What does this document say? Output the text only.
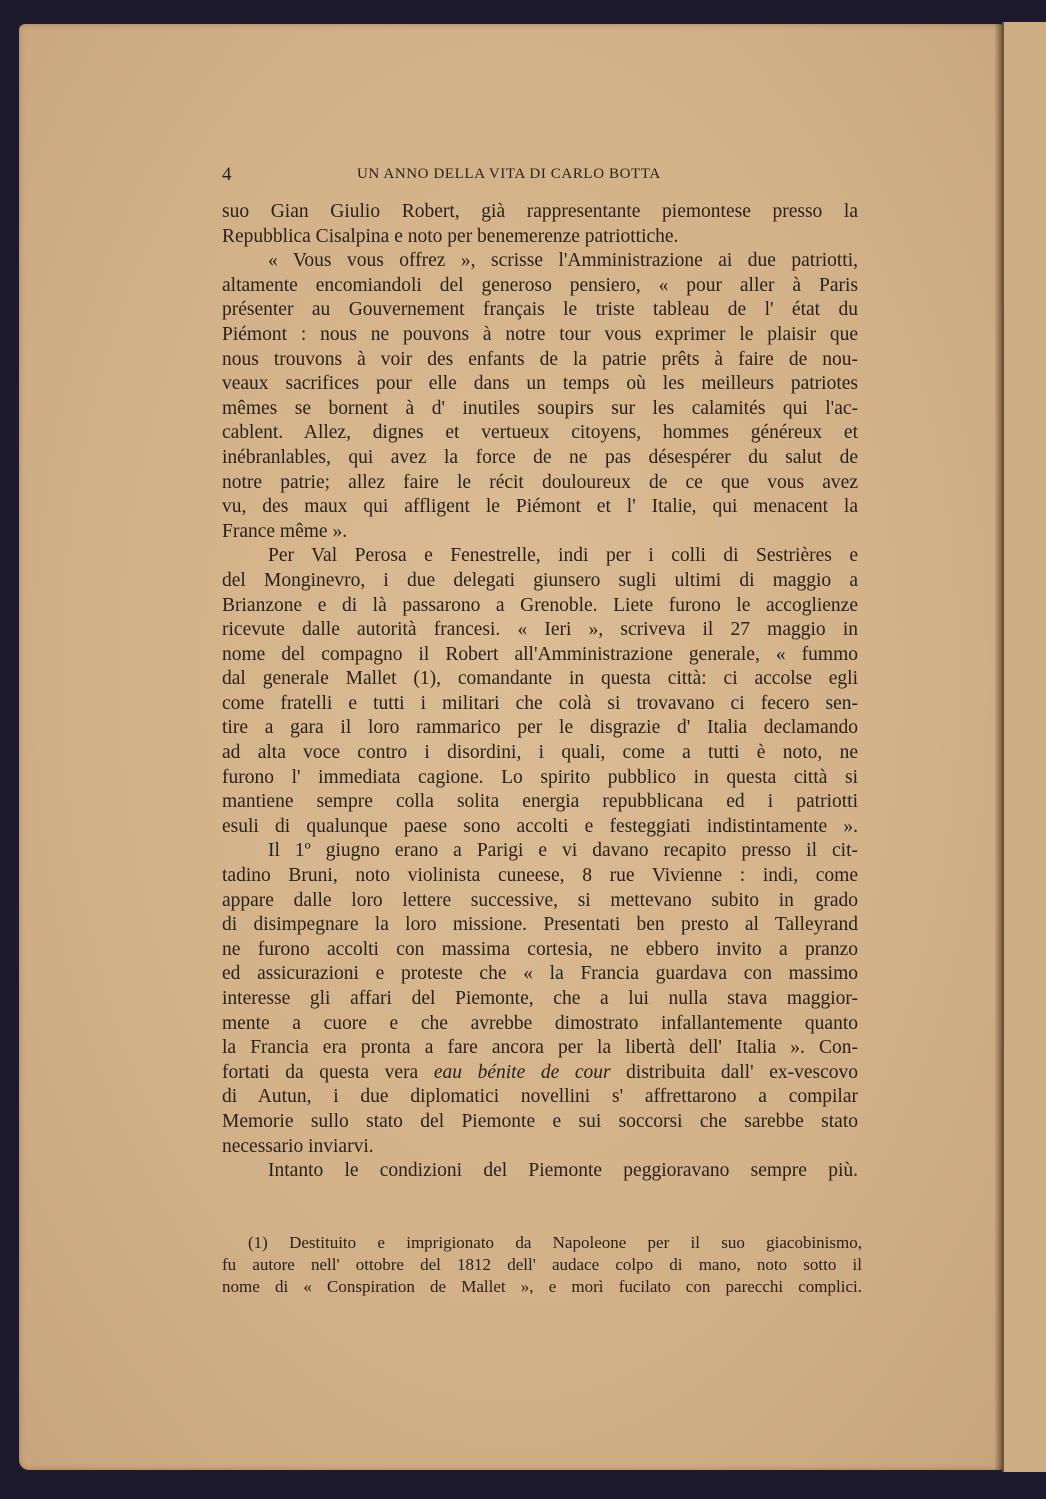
4	UN ANNO DELLA VITA DI CARLO BOTTA

suo Gian Giulio Robert, già rappresentante piemontese presso la
Repubblica Cisalpina e noto per benemerenze patriottiche.

« Vous vous offrez », scrisse l'Amministrazione ai due patriotti,
altamente encomiandoli del generoso pensiero, « pour aller à Paris
présenter au Gouvernement français le triste tableau de l' état du
Piémont : nous ne pouvons à notre tour vous exprimer le plaisir que
nous trouvons à voir des enfants de la patrie prêts à faire de nou-
veaux sacrifices pour elle dans un temps où les meilleurs patriotes
mêmes se bornent à d' inutiles soupirs sur les calamités qui l'ac-
cablent. Allez, dignes et vertueux citoyens, hommes généreux et
inébranlables, qui avez la force de ne pas désespérer du salut de
notre patrie; allez faire le récit douloureux de ce que vous avez
vu, des maux qui affligent le Piémont et l' Italie, qui menacent la
France même ».

Per Val Perosa e Fenestrelle, indi per i colli di Sestrières e
del Monginevro, i due delegati giunsero sugli ultimi di maggio a
Brianzone e di là passarono a Grenoble. Liete furono le accoglienze
ricevute dalle autorità francesi. « Ieri », scriveva il 27 maggio in
nome del compagno il Robert all'Amministrazione generale, « fummo
dal generale Mallet (1), comandante in questa città: ci accolse egli
come fratelli e tutti i militari che colà si trovavano ci fecero sen-
tire a gara il loro rammarico per le disgrazie d' Italia declamando
ad alta voce contro i disordini, i quali, come a tutti è noto, ne
furono l' immediata cagione. Lo spirito pubblico in questa città si
mantiene sempre colla solita energia repubblicana ed i patriotti
esuli di qualunque paese sono accolti e festeggiati indistintamente ».

Il 1º giugno erano a Parigi e vi davano recapito presso il cit-
tadino Bruni, noto violinista cuneese, 8 rue Vivienne : indi, come
appare dalle loro lettere successive, si mettevano subito in grado
di disimpegnare la loro missione. Presentati ben presto al Talleyrand
ne furono accolti con massima cortesia, ne ebbero invito a pranzo
ed assicurazioni e proteste che « la Francia guardava con massimo
interesse gli affari del Piemonte, che a lui nulla stava maggior-
mente a cuore e che avrebbe dimostrato infallantemente quanto
la Francia era pronta a fare ancora per la libertà dell' Italia ». Con-
fortati da questa vera eau bénite de cour distribuita dall' ex-vescovo
di Autun, i due diplomatici novellini s' affrettarono a compilar
Memorie sullo stato del Piemonte e sui soccorsi che sarebbe stato
necessario inviarvi.

Intanto le condizioni del Piemonte peggioravano sempre più.

(1) Destituito e imprigionato da Napoleone per il suo giacobinismo,
fu autore nell' ottobre del 1812 dell' audace colpo di mano, noto sotto il
nome di « Conspiration de Mallet », e morì fucilato con parecchi complici.
